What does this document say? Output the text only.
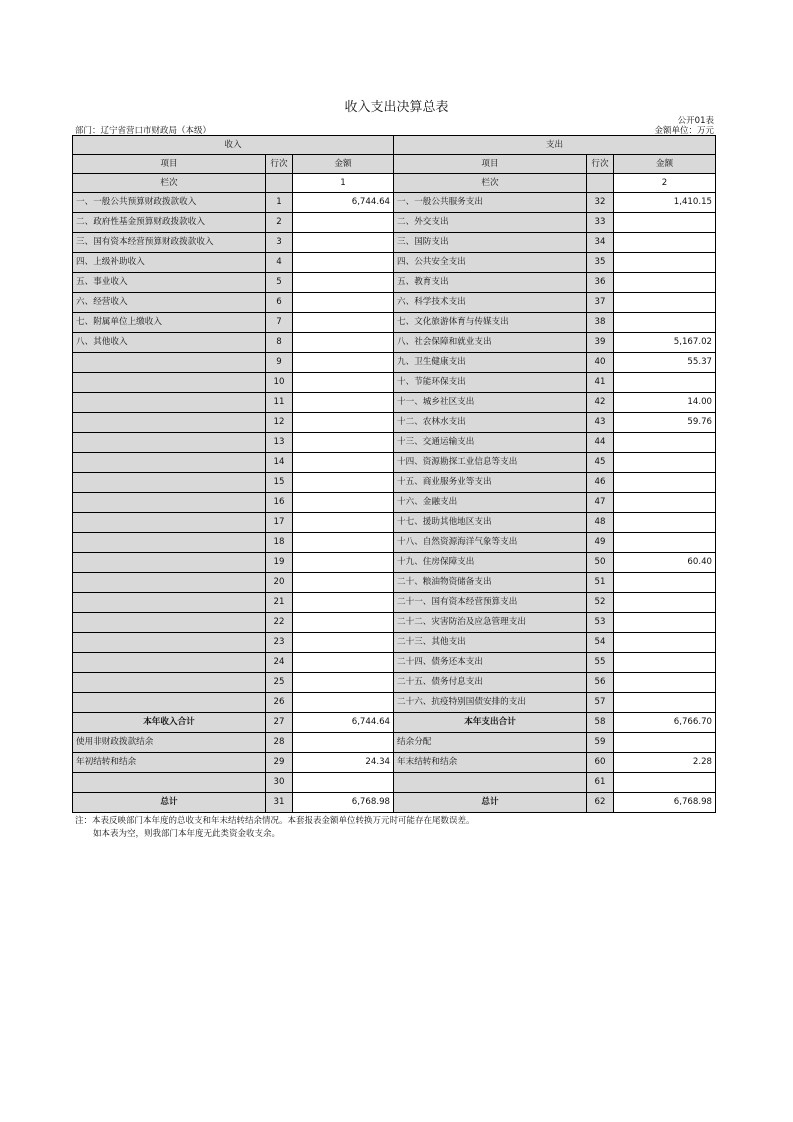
收入支出决算总表
公开01表
部门：辽宁省营口市财政局（本级）	金额单位：万元
收入			支出		
项目	行次	金额	项目	行次	金额
栏次		1	栏次		2
一、一般公共预算财政拨款收入	1	6,744.64	一、一般公共服务支出	32	1,410.15
二、政府性基金预算财政拨款收入	2		二、外交支出	33	
三、国有资本经营预算财政拨款收入	3		三、国防支出	34	
四、上级补助收入	4		四、公共安全支出	35	
五、事业收入	5		五、教育支出	36	
六、经营收入	6		六、科学技术支出	37	
七、附属单位上缴收入	7		七、文化旅游体育与传媒支出	38	
八、其他收入	8		八、社会保障和就业支出	39	5,167.02
	9		九、卫生健康支出	40	55.37
	10		十、节能环保支出	41	
	11		十一、城乡社区支出	42	14.00
	12		十二、农林水支出	43	59.76
	13		十三、交通运输支出	44	
	14		十四、资源勘探工业信息等支出	45	
	15		十五、商业服务业等支出	46	
	16		十六、金融支出	47	
	17		十七、援助其他地区支出	48	
	18		十八、自然资源海洋气象等支出	49	
	19		十九、住房保障支出	50	60.40
	20		二十、粮油物资储备支出	51	
	21		二十一、国有资本经营预算支出	52	
	22		二十二、灾害防治及应急管理支出	53	
	23		二十三、其他支出	54	
	24		二十四、债务还本支出	55	
	25		二十五、债务付息支出	56	
	26		二十六、抗疫特别国债安排的支出	57	
本年收入合计	27	6,744.64	本年支出合计	58	6,766.70
使用非财政拨款结余	28		结余分配	59	
年初结转和结余	29	24.34	年末结转和结余	60	2.28
	30			61	
总计	31	6,768.98	总计	62	6,768.98
注：本表反映部门本年度的总收支和年末结转结余情况。本套报表金额单位转换万元时可能存在尾数误差。
如本表为空，则我部门本年度无此类资金收支余。
